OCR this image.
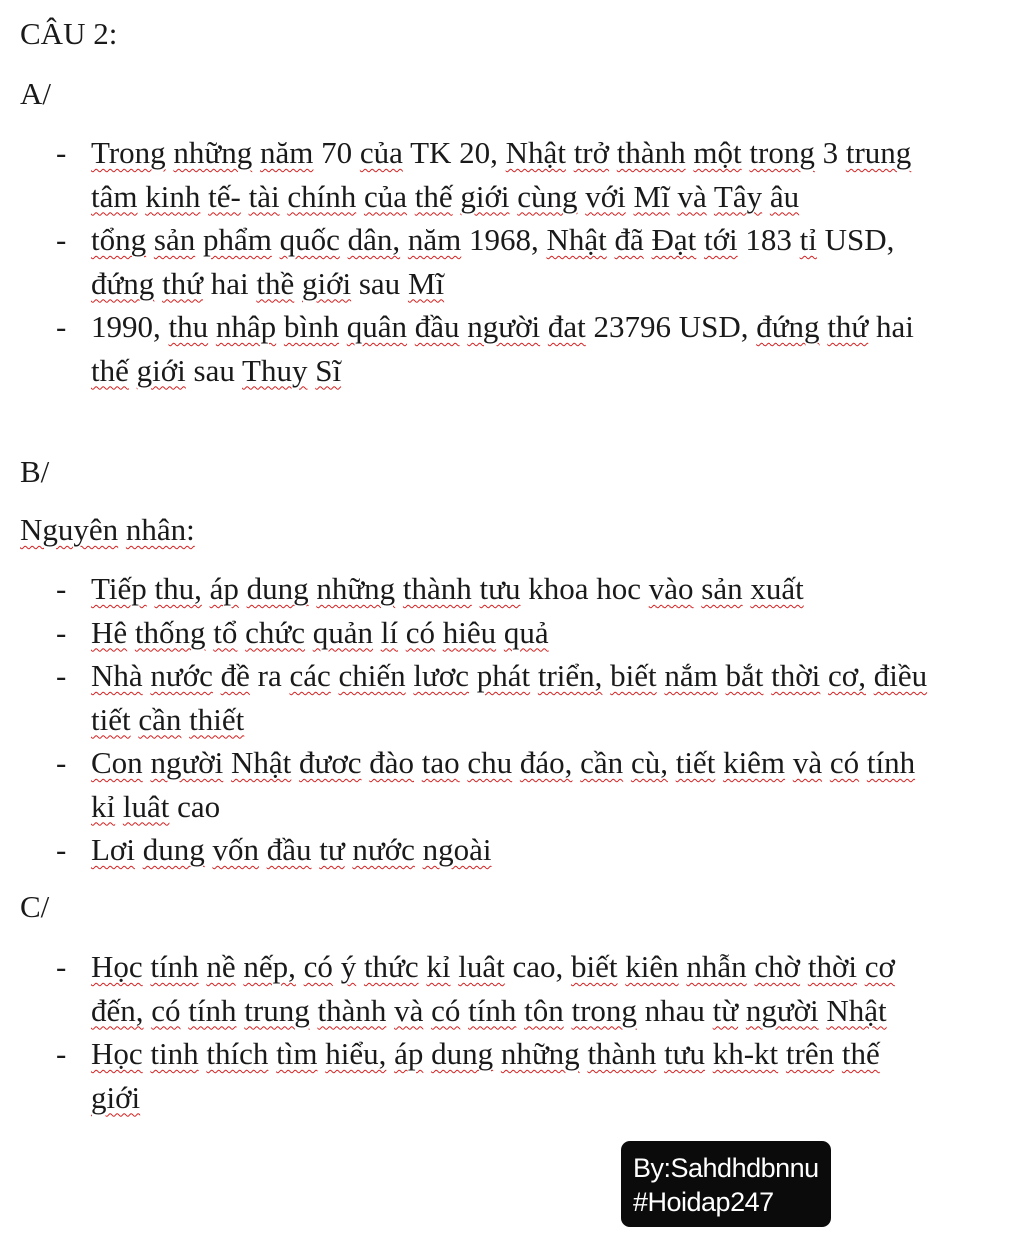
CÂU 2:
A/
- Trong những năm 70 của TK 20, Nhật trở thành một trong 3 trung tâm kinh tế- tài chính của thế giới cùng với Mĩ và Tây âu
- tổng sản phẩm quốc dân, năm 1968, Nhật đã Đạt tới 183 tỉ USD, đứng thứ hai thề giới sau Mĩ
- 1990, thu nhâp bình quân đầu người đat 23796 USD, đứng thứ hai thế giới sau Thuy Sĩ
B/
Nguyên nhân:
- Tiếp thu, áp dung những thành tưu khoa hoc vào sản xuất
- Hê thống tổ chức quản lí có hiêu quả
- Nhà nước đề ra các chiến lươc phát triển, biết nắm bắt thời cơ, điều tiết cần thiết
- Con người Nhật đươc đào tao chu đáo, cần cù, tiết kiêm và có tính kỉ luât cao
- Lơi dung vốn đầu tư nước ngoài
C/
- Học tính nề nếp, có ý thức kỉ luât cao, biết kiên nhẫn chờ thời cơ đến, có tính trung thành và có tính tôn trong nhau từ người Nhật
- Học tinh thích tìm hiểu, áp dung những thành tưu kh-kt trên thế giới
By:Sahdhdbnnu
#Hoidap247
